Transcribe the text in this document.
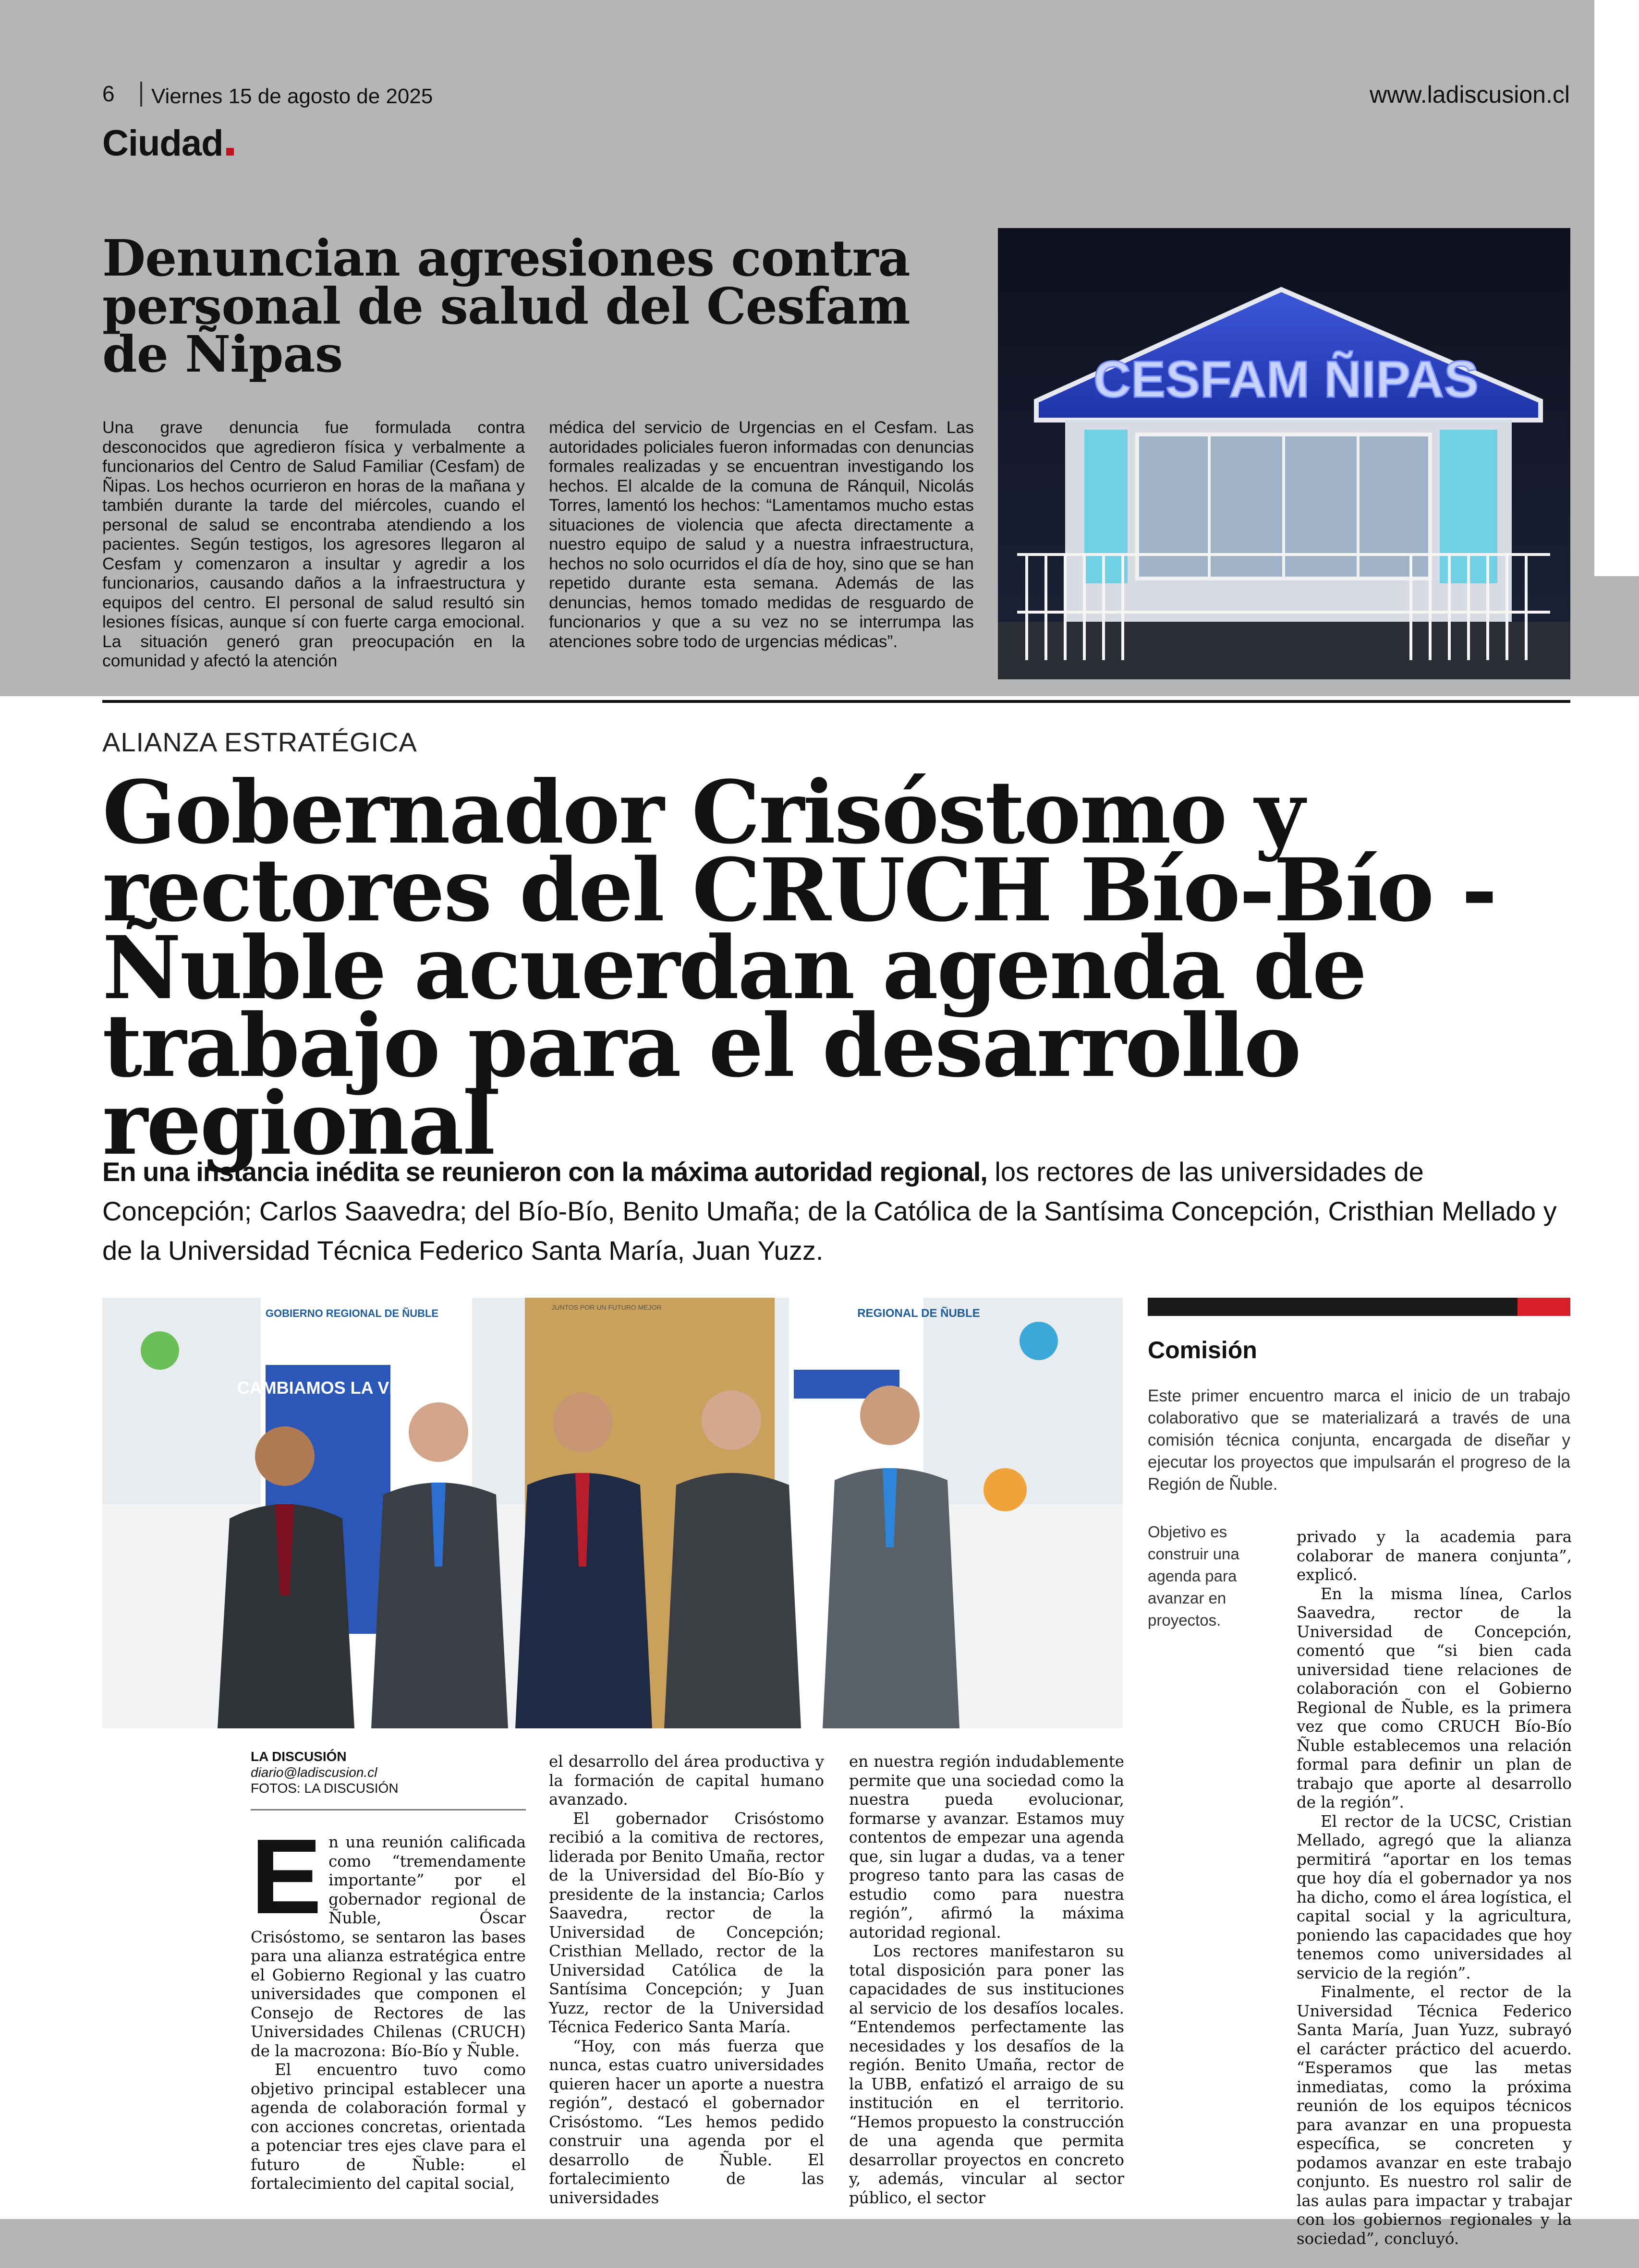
6 Viernes 15 de agosto de 2025	www.ladiscusion.cl
Ciudad
Denuncian agresiones contra personal de salud del Cesfam de Ñipas
Una grave denuncia fue formulada contra desconocidos que agredieron física y verbalmente a funcionarios del Centro de Salud Familiar (Cesfam) de Ñipas. Los hechos ocurrieron en horas de la mañana y también durante la tarde del miércoles, cuando el personal de salud se encontraba atendiendo a los pacientes. Según testigos, los agresores llegaron al Cesfam y comenzaron a insultar y agredir a los funcionarios, causando daños a la infraestructura y equipos del centro. El personal de salud resultó sin lesiones físicas, aunque sí con fuerte carga emocional. La situación generó gran preocupación en la comunidad y afectó la atención
médica del servicio de Urgencias en el Cesfam. Las autoridades policiales fueron informadas con denuncias formales realizadas y se encuentran investigando los hechos. El alcalde de la comuna de Ránquil, Nicolás Torres, lamentó los hechos: “Lamentamos mucho estas situaciones de violencia que afecta directamente a nuestro equipo de salud y a nuestra infraestructura, hechos no solo ocurridos el día de hoy, sino que se han repetido durante esta semana. Además de las denuncias, hemos tomado medidas de resguardo de funcionarios y que a su vez no se interrumpa las atenciones sobre todo de urgencias médicas”.
CESFAM ÑIPAS
ALIANZA ESTRATÉGICA
Gobernador Crisóstomo y rectores del CRUCH Bío-Bío - Ñuble acuerdan agenda de trabajo para el desarrollo regional
En una instancia inédita se reunieron con la máxima autoridad regional, los rectores de las universidades de Concepción; Carlos Saavedra; del Bío-Bío, Benito Umaña; de la Católica de la Santísima Concepción, Cristhian Mellado y de la Universidad Técnica Federico Santa María, Juan Yuzz.
CAMBIAMOS LA VIDA
JUNTOS POR UN FUTURO MEJOR
GOBIERNO REGIONAL DE ÑUBLE	REGIONAL DE ÑUBLE
Comisión
Este primer encuentro marca el inicio de un trabajo colaborativo que se materializará a través de una comisión técnica conjunta, encargada de diseñar y ejecutar los proyectos que impulsarán el progreso de la Región de Ñuble.
Objetivo es construir una agenda para avanzar en proyectos.
LA DISCUSIÓN
diario@ladiscusion.cl
FOTOS: LA DISCUSIÓN
E n una reunión calificada como “tremendamente importante” por el gobernador regional de Ñuble, Óscar Crisóstomo, se sentaron las bases para una alianza estratégica entre el Gobierno Regional y las cuatro universidades que componen el Consejo de Rectores de las Universidades Chilenas (CRUCH) de la macrozona: Bío-Bío y Ñuble.

El encuentro tuvo como objetivo principal establecer una agenda de colaboración formal y con acciones concretas, orientada a potenciar tres ejes clave para el futuro de Ñuble: el fortalecimiento del capital social,

el desarrollo del área productiva y la formación de capital humano avanzado.

El gobernador Crisóstomo recibió a la comitiva de rectores, liderada por Benito Umaña, rector de la Universidad del Bío-Bío y presidente de la instancia; Carlos Saavedra, rector de la Universidad de Concepción; Cristhian Mellado, rector de la Universidad Católica de la Santísima Concepción; y Juan Yuzz, rector de la Universidad Técnica Federico Santa María.

“Hoy, con más fuerza que nunca, estas cuatro universidades quieren hacer un aporte a nuestra región”, destacó el gobernador Crisóstomo. “Les hemos pedido construir una agenda por el desarrollo de Ñuble. El fortalecimiento de las universidades

en nuestra región indudablemente permite que una sociedad como la nuestra pueda evolucionar, formarse y avanzar. Estamos muy contentos de empezar una agenda que, sin lugar a dudas, va a tener progreso tanto para las casas de estudio como para nuestra región”, afirmó la máxima autoridad regional.

Los rectores manifestaron su total disposición para poner las capacidades de sus instituciones al servicio de los desafíos locales. “Entendemos perfectamente las necesidades y los desafíos de la región. Benito Umaña, rector de la UBB, enfatizó el arraigo de su institución en el territorio. “Hemos propuesto la construcción de una agenda que permita desarrollar proyectos en concreto y, además, vincular al sector público, el sector

privado y la academia para colaborar de manera conjunta”, explicó.

En la misma línea, Carlos Saavedra, rector de la Universidad de Concepción, comentó que “si bien cada universidad tiene relaciones de colaboración con el Gobierno Regional de Ñuble, es la primera vez que como CRUCH Bío-Bío Ñuble establecemos una relación formal para definir un plan de trabajo que aporte al desarrollo de la región”.

El rector de la UCSC, Cristian Mellado, agregó que la alianza permitirá “aportar en los temas que hoy día el gobernador ya nos ha dicho, como el área logística, el capital social y la agricultura, poniendo las capacidades que hoy tenemos como universidades al servicio de la región”.

Finalmente, el rector de la Universidad Técnica Federico Santa María, Juan Yuzz, subrayó el carácter práctico del acuerdo. “Esperamos que las metas inmediatas, como la próxima reunión de los equipos técnicos para avanzar en una propuesta específica, se concreten y podamos avanzar en este trabajo conjunto. Es nuestro rol salir de las aulas para impactar y trabajar con los gobiernos regionales y la sociedad”, concluyó.
